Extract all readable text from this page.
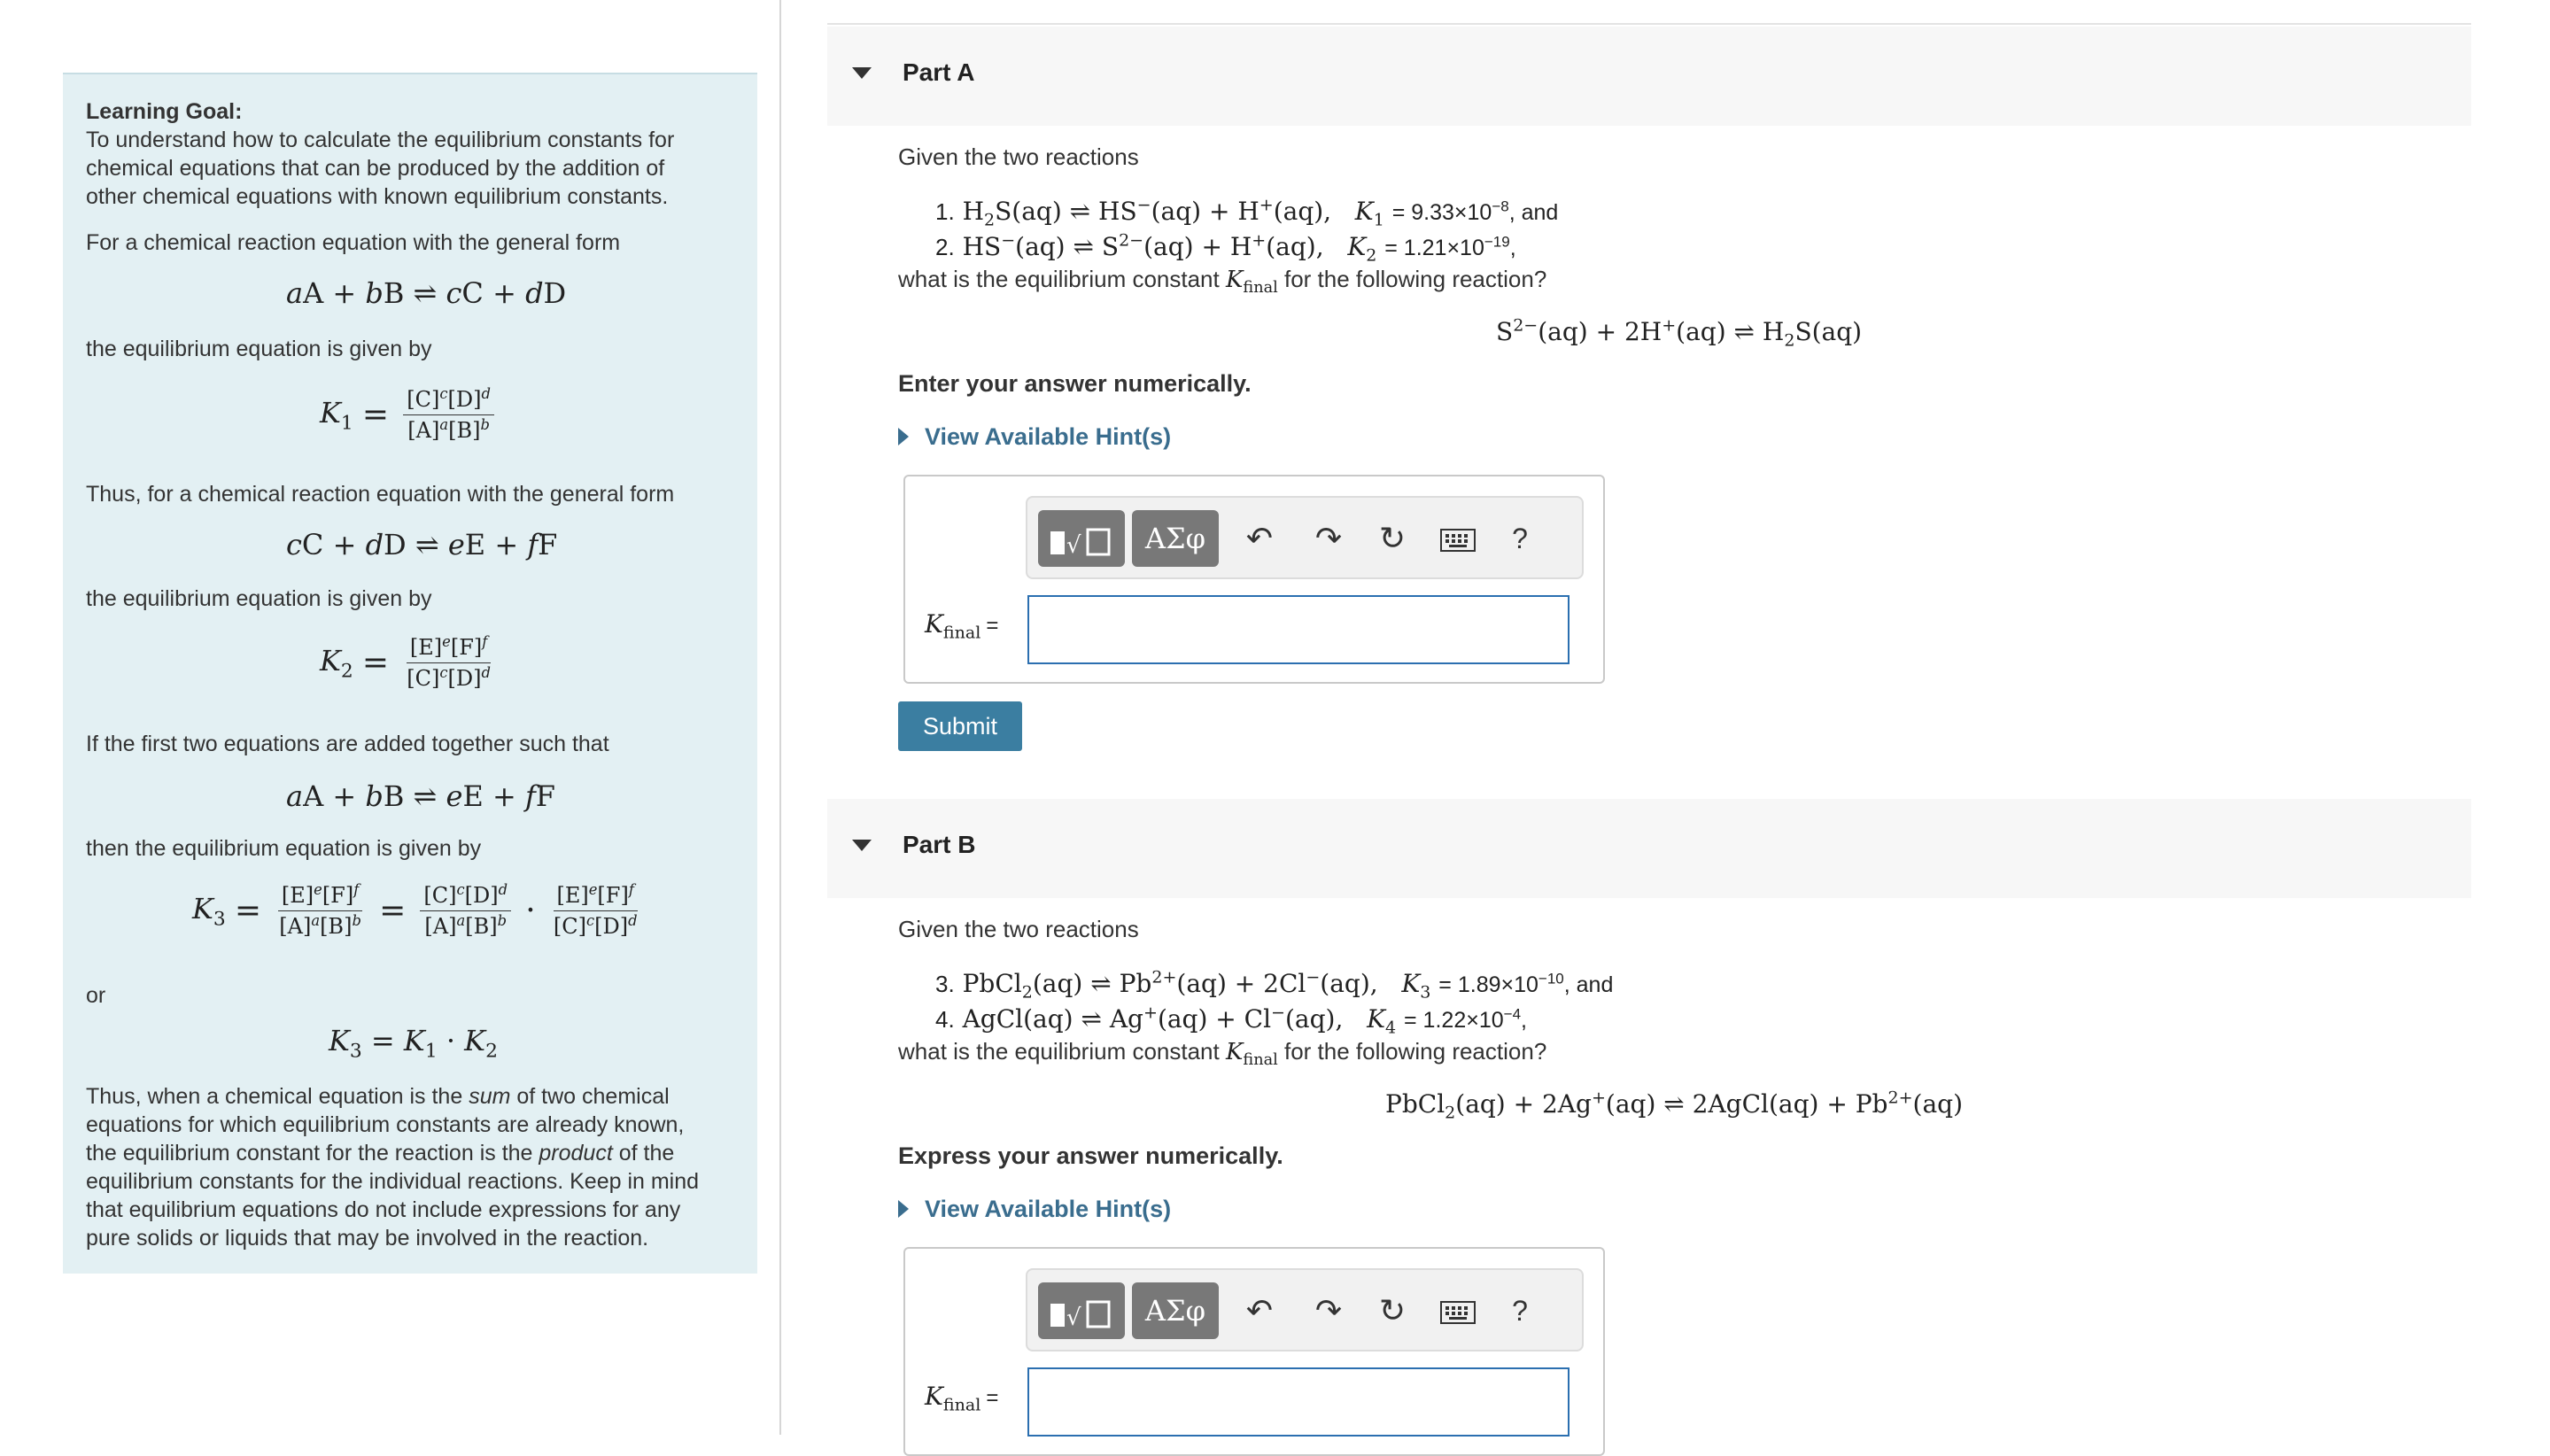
Learning Goal:

To understand how to calculate the equilibrium constants for

chemical equations that can be produced by the addition of

other chemical equations with known equilibrium constants.

For a chemical reaction equation with the general form

aA + bB ⇌ cC + dD

the equilibrium equation is given by

$K_1 = \frac{[C]^c[D]^d}{[A]^a[B]^b}$

Thus, for a chemical reaction equation with the general form

cC + dD ⇌ eE + fF

the equilibrium equation is given by

$K_2 = \frac{[E]^e[F]^f}{[C]^c[D]^d}$

If the first two equations are added together such that

aA + bB ⇌ eE + fF

then the equilibrium equation is given by

$K_3 = \frac{[E]^e[F]^f}{[A]^a[B]^b} = \frac{[C]^c[D]^d}{[A]^a[B]^b} \cdot \frac{[E]^e[F]^f}{[C]^c[D]^d}$

or

$K_3 = K_1 \cdot K_2$

Thus, when a chemical equation is the sum of two chemical

equations for which equilibrium constants are already known,

the equilibrium constant for the reaction is the product of the

equilibrium constants for the individual reactions. Keep in mind

that equilibrium equations do not include expressions for any

pure solids or liquids that may be involved in the reaction.

Part A
Given the two reactions
1. $H_2S(aq)$ ⇌ HS−(aq) + H+(aq),   $K_1 = 9.33\times 10^{-8}$, and
2. HS−(aq) ⇌ $S^{2-}(aq) + H^+(aq)$,   $K_2 = 1.21\times 10^{-19}$,
what is the equilibrium constant $K_{final}$ for the following reaction?
$S^{2-}(aq) + 2H^+(aq)$ ⇌ $H_2S(aq)$
Enter your answer numerically.
View Available Hint(s)
√	ΑΣφ	↶ ↷ ↻	?
$K_{final}$ =
Submit
Part B
Given the two reactions
3. PbCl$_2$(aq) ⇌ $Pb^{2+}(aq) + 2Cl^-(aq)$,   $K_3 = 1.89\times 10^{-10}$, and
4. AgCl(aq) ⇌ Ag+(aq) + Cl−(aq),   $K_4 = 1.22\times 10^{-4}$,
what is the equilibrium constant $K_{final}$ for the following reaction?
PbCl$_2$(aq) + 2Ag+(aq) ⇌ 2AgCl(aq) + $Pb^{2+}(aq)$
Express your answer numerically.
View Available Hint(s)
√	ΑΣφ	↶ ↷ ↻	?
$K_{final}$ =
